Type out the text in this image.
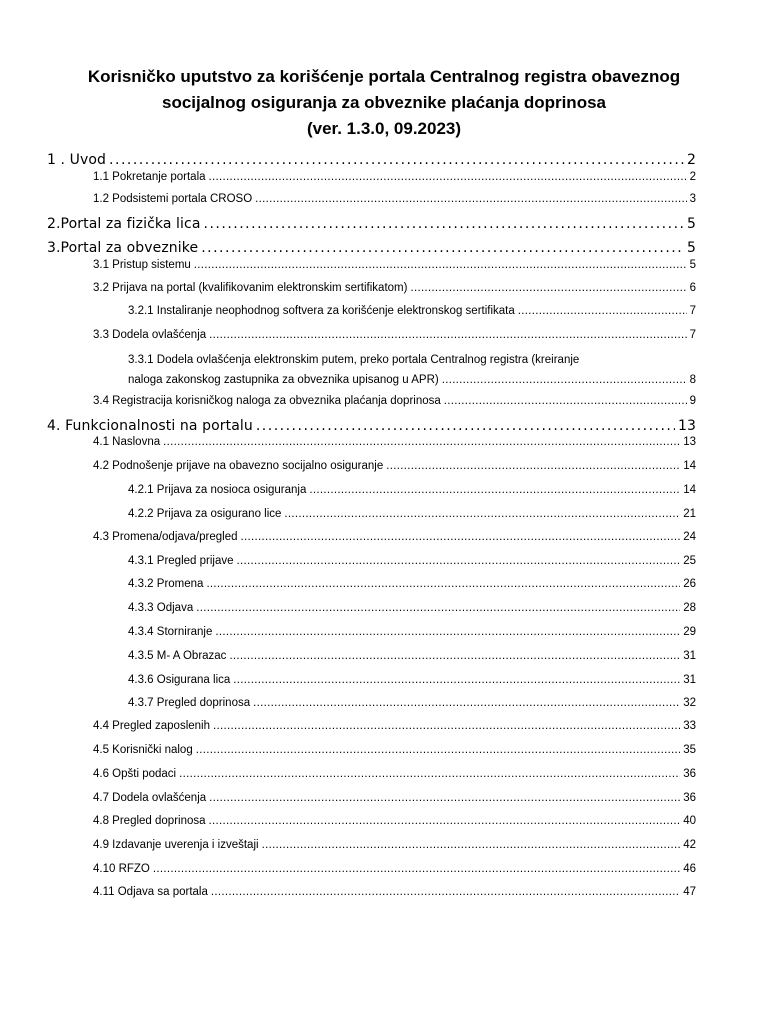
Korisničko uputstvo za korišćenje portala Centralnog registra obaveznog
socijalnog osiguranja za obveznike plaćanja doprinosa
(ver. 1.3.0, 09.2023)
1 . Uvod .....	2
1.1 Pokretanje portala .....	2
1.2 Podsistemi portala CROSO .....	3
2.Portal za fizička lica .....	5
3.Portal za obveznike .....	5
3.1 Pristup sistemu .....	5
3.2 Prijava na portal (kvalifikovanim elektronskim sertifikatom) .....	6
3.2.1 Instaliranje neophodnog softvera za korišćenje elektronskog sertifikata .....	7
3.3 Dodela ovlašćenja .....	7
3.3.1 Dodela ovlašćenja elektronskim putem, preko portala Centralnog registra (kreiranje
naloga zakonskog zastupnika za obveznika upisanog u APR) .....	8
3.4 Registracija korisničkog naloga za obveznika plaćanja doprinosa .....	9
4. Funkcionalnosti na portalu .....	13
4.1 Naslovna .....	13
4.2 Podnošenje prijave na obavezno socijalno osiguranje .....	14
4.2.1 Prijava za nosioca osiguranja .....	14
4.2.2 Prijava za osigurano lice .....	21
4.3 Promena/odjava/pregled .....	24
4.3.1 Pregled prijave .....	25
4.3.2 Promena .....	26
4.3.3 Odjava .....	28
4.3.4 Storniranje .....	29
4.3.5 M- A Obrazac .....	31
4.3.6 Osigurana lica .....	31
4.3.7 Pregled doprinosa .....	32
4.4 Pregled zaposlenih .....	33
4.5 Korisnički nalog .....	35
4.6 Opšti podaci .....	36
4.7 Dodela ovlašćenja .....	36
4.8 Pregled doprinosa .....	40
4.9 Izdavanje uverenja i izveštaji .....	42
4.10 RFZO .....	46
4.11 Odjava sa portala .....	47
